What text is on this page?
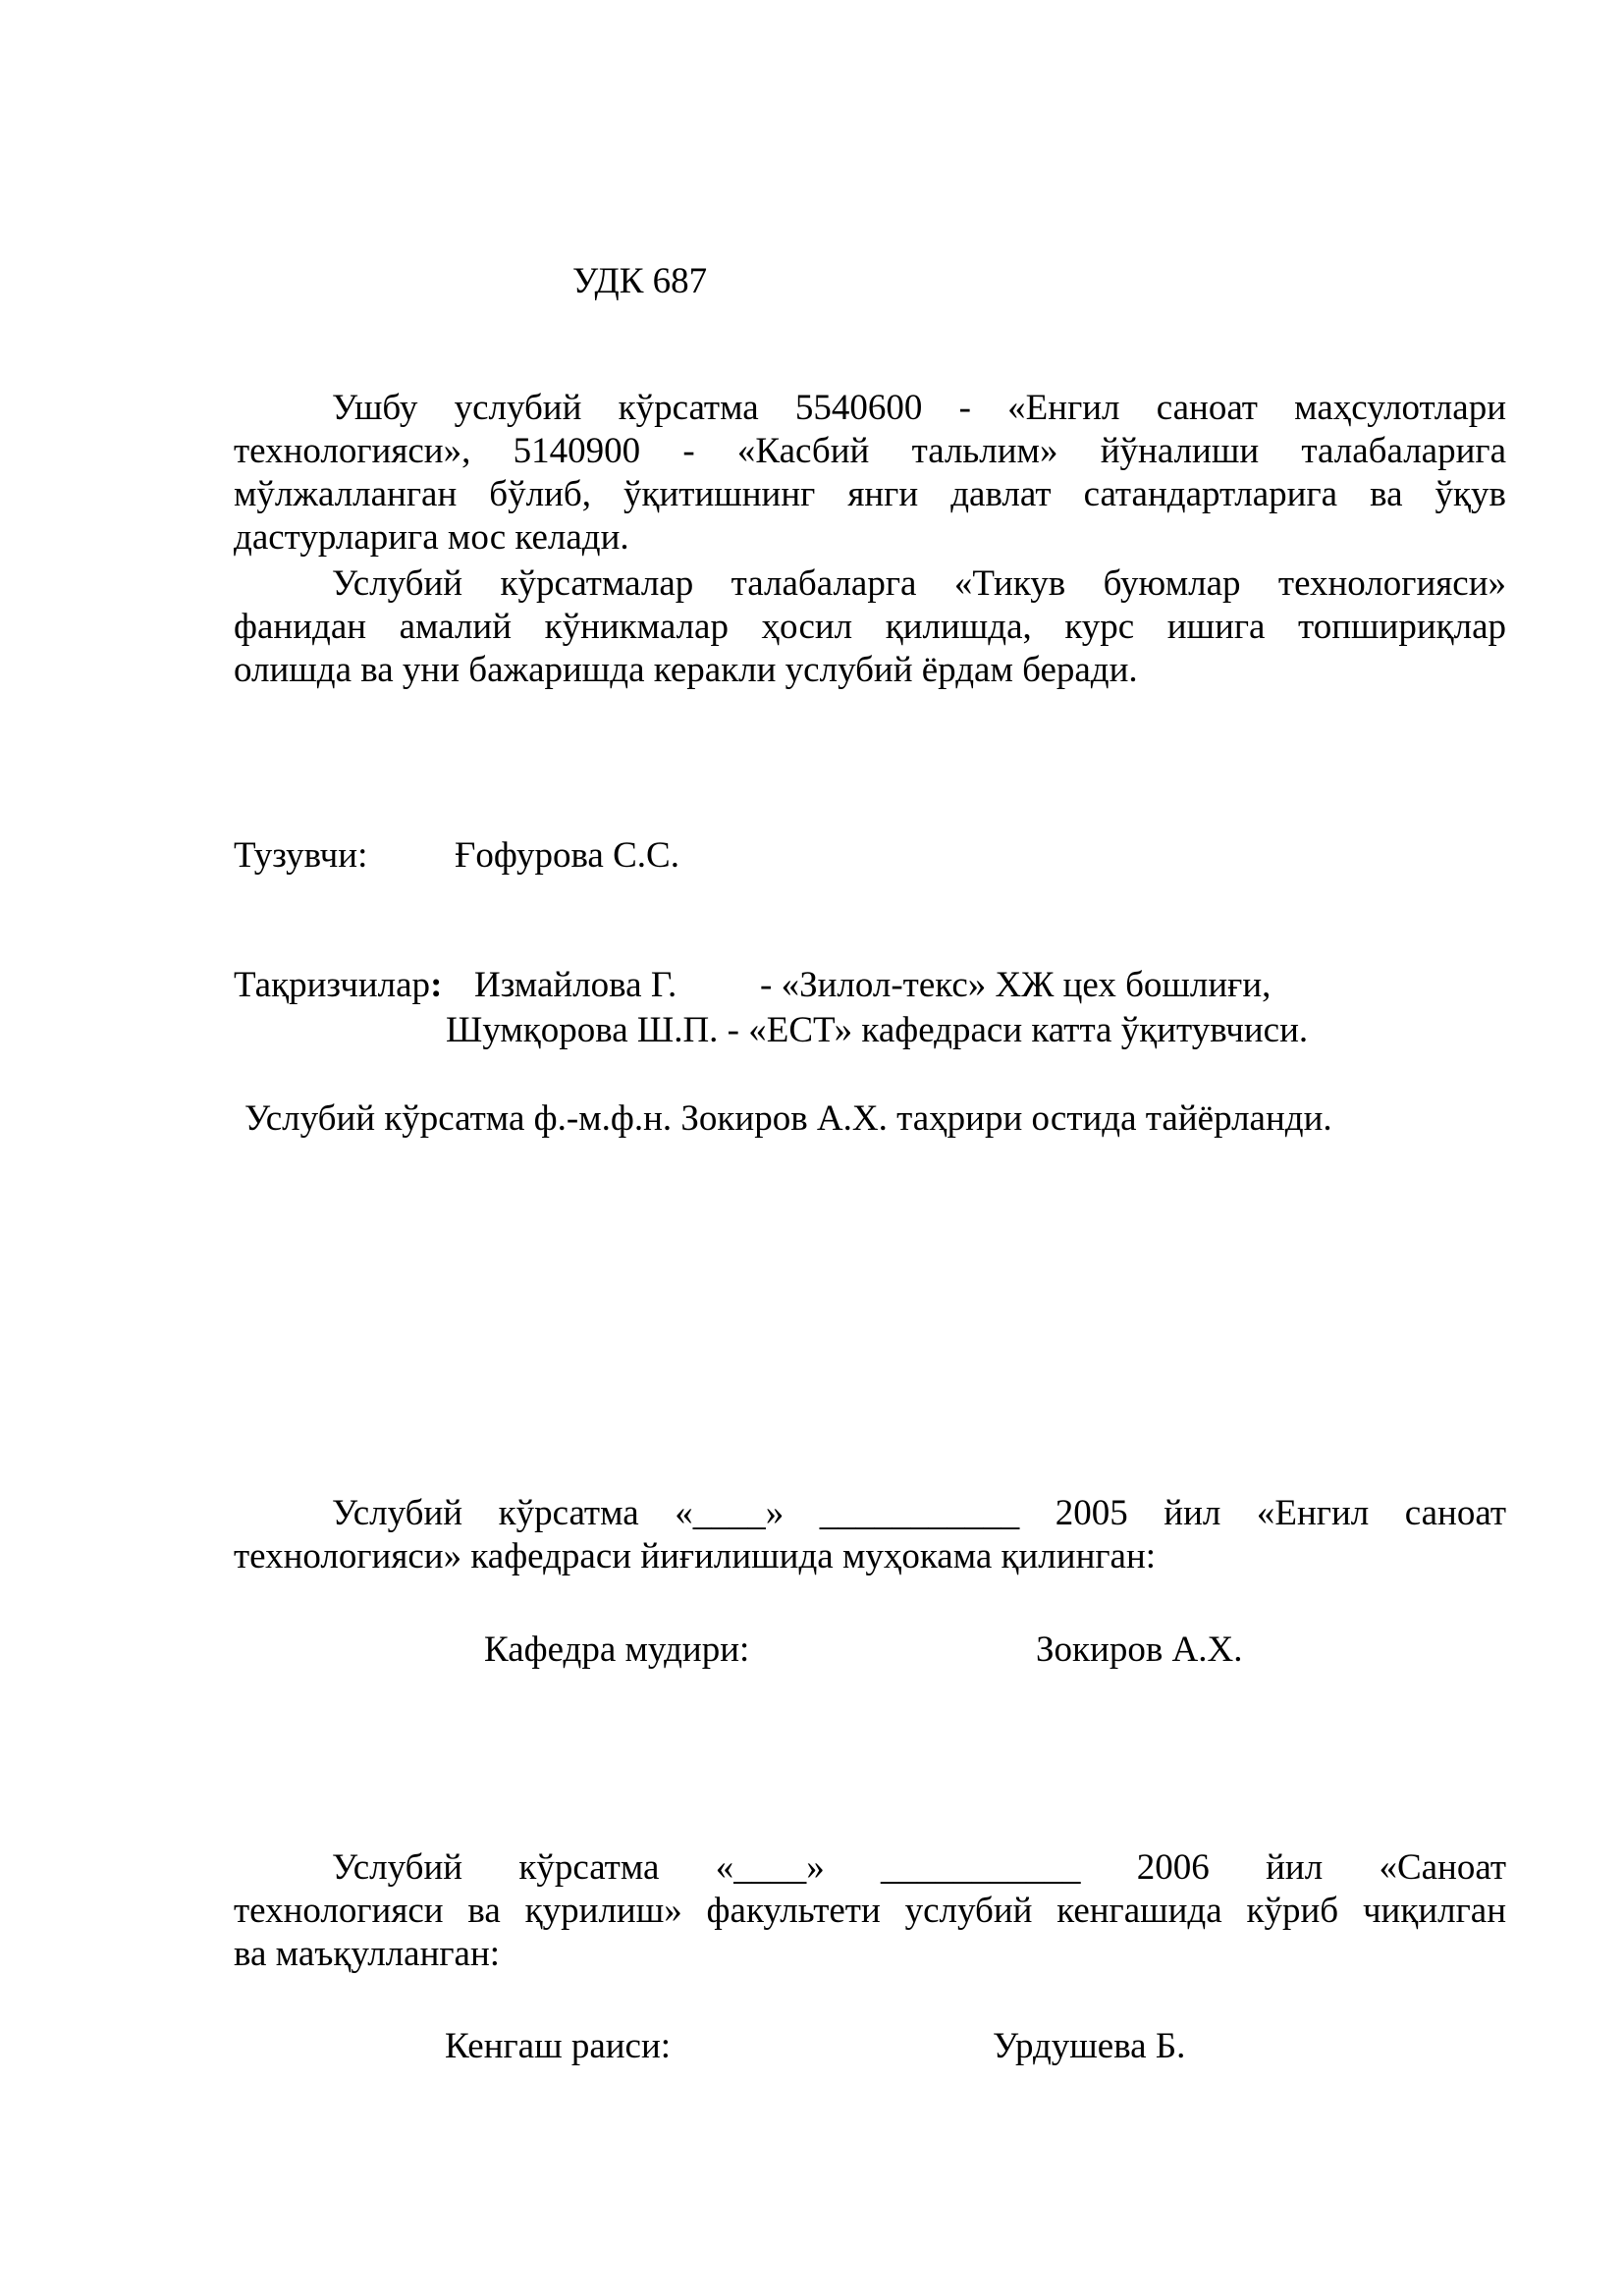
УДК 687
Ушбу услубий кўрсатма 5540600 - «Енгил саноат маҳсулотлари
технологияси», 5140900 - «Касбий тальлим» йўналиши талабаларига
мўлжалланган бўлиб, ўқитишнинг янги давлат сатандартларига ва ўқув
дастурларига мос келади.
Услубий кўрсатмалар талабаларга «Тикув буюмлар технологияси»
фанидан амалий кўникмалар ҳосил қилишда, курс ишига топшириқлар
олишда ва уни бажаришда керакли услубий ёрдам беради.
Тузувчи: Ғофурова С.С.
Тақризчилар: Измайлова Г. - «Зилол-текс» ХЖ цех бошлиғи,
Шумқорова Ш.П. - «ЕСТ» кафедраси катта ўқитувчиси.
Услубий кўрсатма ф.-м.ф.н. Зокиров А.Х. таҳрири остида тайёрланди.
Услубий кўрсатма «____» ___________ 2005 йил «Енгил саноат
технологияси» кафедраси йиғилишида муҳокама қилинган:
Кафедра мудири:	Зокиров А.Х.
Услубий кўрсатма «____» ___________ 2006 йил «Саноат
технологияси ва қурилиш» факультети услубий кенгашида кўриб чиқилган
ва маъқулланган:
Кенгаш раиси:	Урдушева Б.
